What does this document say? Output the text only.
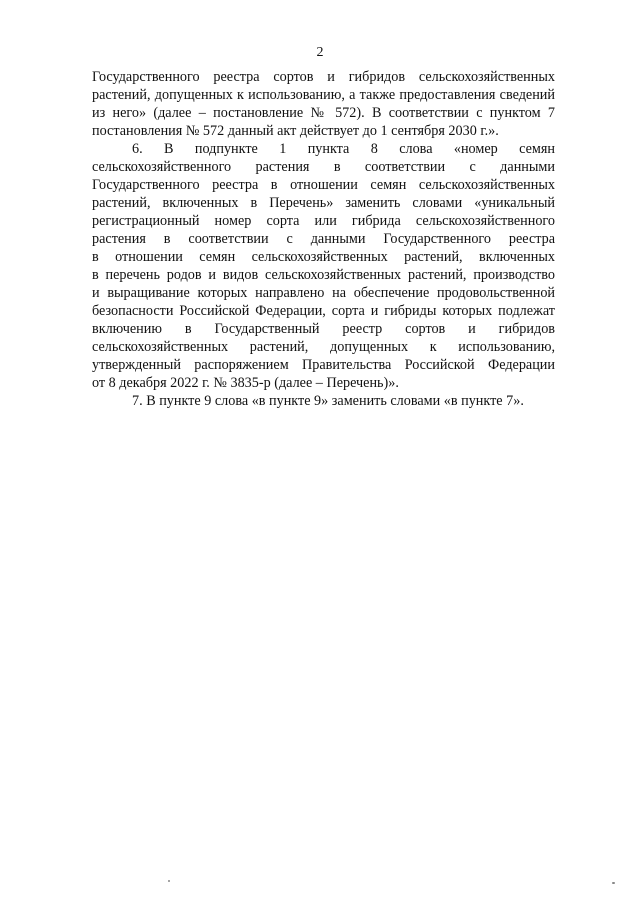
2
Государственного реестра сортов и гибридов сельскохозяйственных
растений, допущенных к использованию, а также предоставления сведений
из него» (далее – постановление № 572). В соответствии с пунктом 7
постановления № 572 данный акт действует до 1 сентября 2030 г.».
6. В подпункте 1 пункта 8 слова «номер семян
сельскохозяйственного растения в соответствии с данными
Государственного реестра в отношении семян сельскохозяйственных
растений, включенных в Перечень» заменить словами «уникальный
регистрационный номер сорта или гибрида сельскохозяйственного
растения в соответствии с данными Государственного реестра
в отношении семян сельскохозяйственных растений, включенных
в перечень родов и видов сельскохозяйственных растений, производство
и выращивание которых направлено на обеспечение продовольственной
безопасности Российской Федерации, сорта и гибриды которых подлежат
включению в Государственный реестр сортов и гибридов
сельскохозяйственных растений, допущенных к использованию,
утвержденный распоряжением Правительства Российской Федерации
от 8 декабря 2022 г. № 3835-р (далее – Перечень)».
7. В пункте 9 слова «в пункте 9» заменить словами «в пункте 7».
